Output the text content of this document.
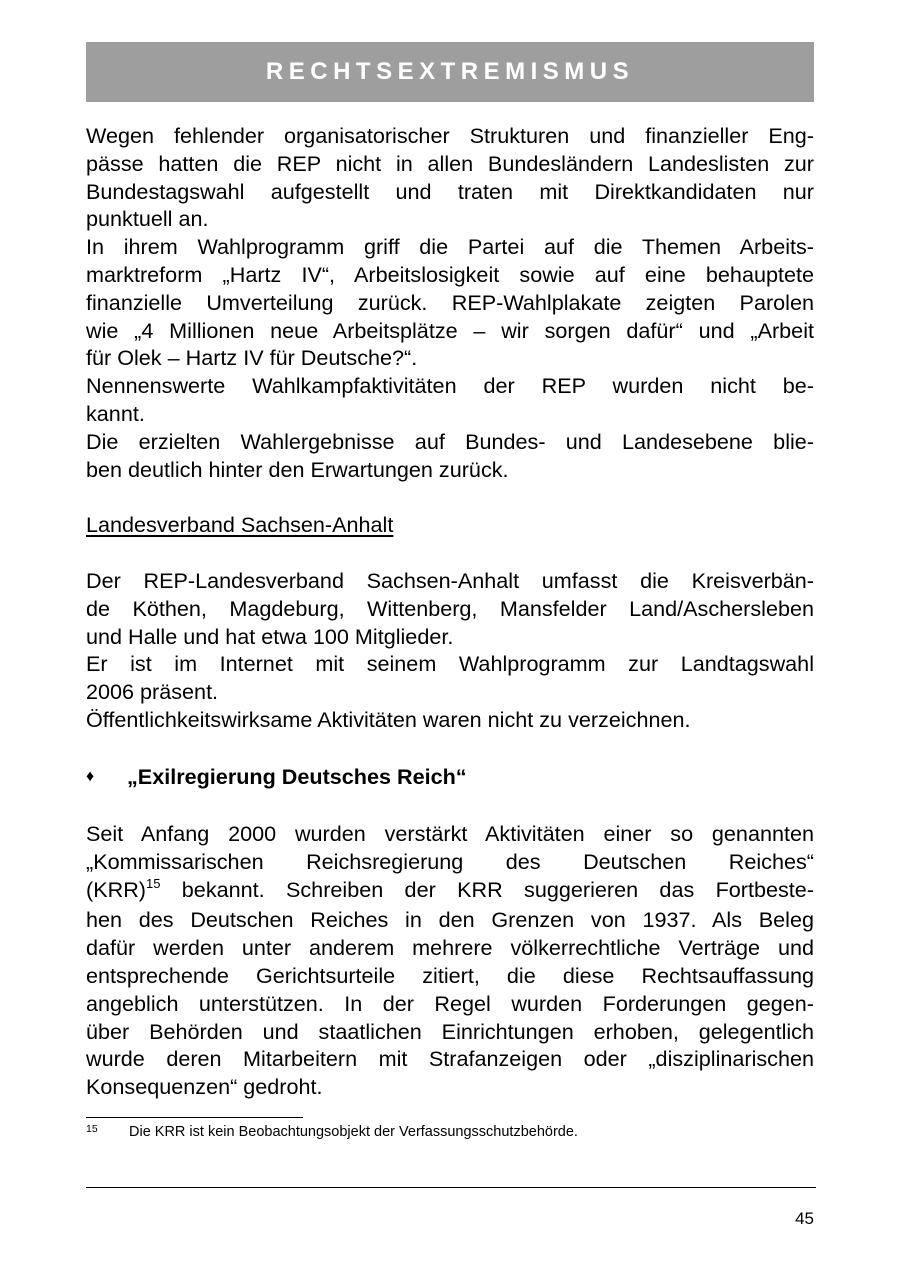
RECHTSEXTREMISMUS
Wegen fehlender organisatorischer Strukturen und finanzieller Eng-
pässe hatten die REP nicht in allen Bundesländern Landeslisten zur
Bundestagswahl aufgestellt und traten mit Direktkandidaten nur
punktuell an.
In ihrem Wahlprogramm griff die Partei auf die Themen Arbeits-
marktreform „Hartz IV“, Arbeitslosigkeit sowie auf eine behauptete
finanzielle Umverteilung zurück. REP-Wahlplakate zeigten Parolen
wie „4 Millionen neue Arbeitsplätze – wir sorgen dafür“ und „Arbeit
für Olek – Hartz IV für Deutsche?“.
Nennenswerte Wahlkampfaktivitäten der REP wurden nicht be-
kannt.
Die erzielten Wahlergebnisse auf Bundes- und Landesebene blie-
ben deutlich hinter den Erwartungen zurück.

Landesverband Sachsen-Anhalt

Der REP-Landesverband Sachsen-Anhalt umfasst die Kreisverbän-
de Köthen, Magdeburg, Wittenberg, Mansfelder Land/Aschersleben
und Halle und hat etwa 100 Mitglieder.
Er ist im Internet mit seinem Wahlprogramm zur Landtagswahl
2006 präsent.
Öffentlichkeitswirksame Aktivitäten waren nicht zu verzeichnen.
♦	„Exilregierung Deutsches Reich“
Seit Anfang 2000 wurden verstärkt Aktivitäten einer so genannten
„Kommissarischen Reichsregierung des Deutschen Reiches“
(KRR)$^{15}$ bekannt. Schreiben der KRR suggerieren das Fortbeste-
hen des Deutschen Reiches in den Grenzen von 1937. Als Beleg
dafür werden unter anderem mehrere völkerrechtliche Verträge und
entsprechende Gerichtsurteile zitiert, die diese Rechtsauffassung
angeblich unterstützen. In der Regel wurden Forderungen gegen-
über Behörden und staatlichen Einrichtungen erhoben, gelegentlich
wurde deren Mitarbeitern mit Strafanzeigen oder „disziplinarischen
Konsequenzen“ gedroht.
15	Die KRR ist kein Beobachtungsobjekt der Verfassungsschutzbehörde.
45
